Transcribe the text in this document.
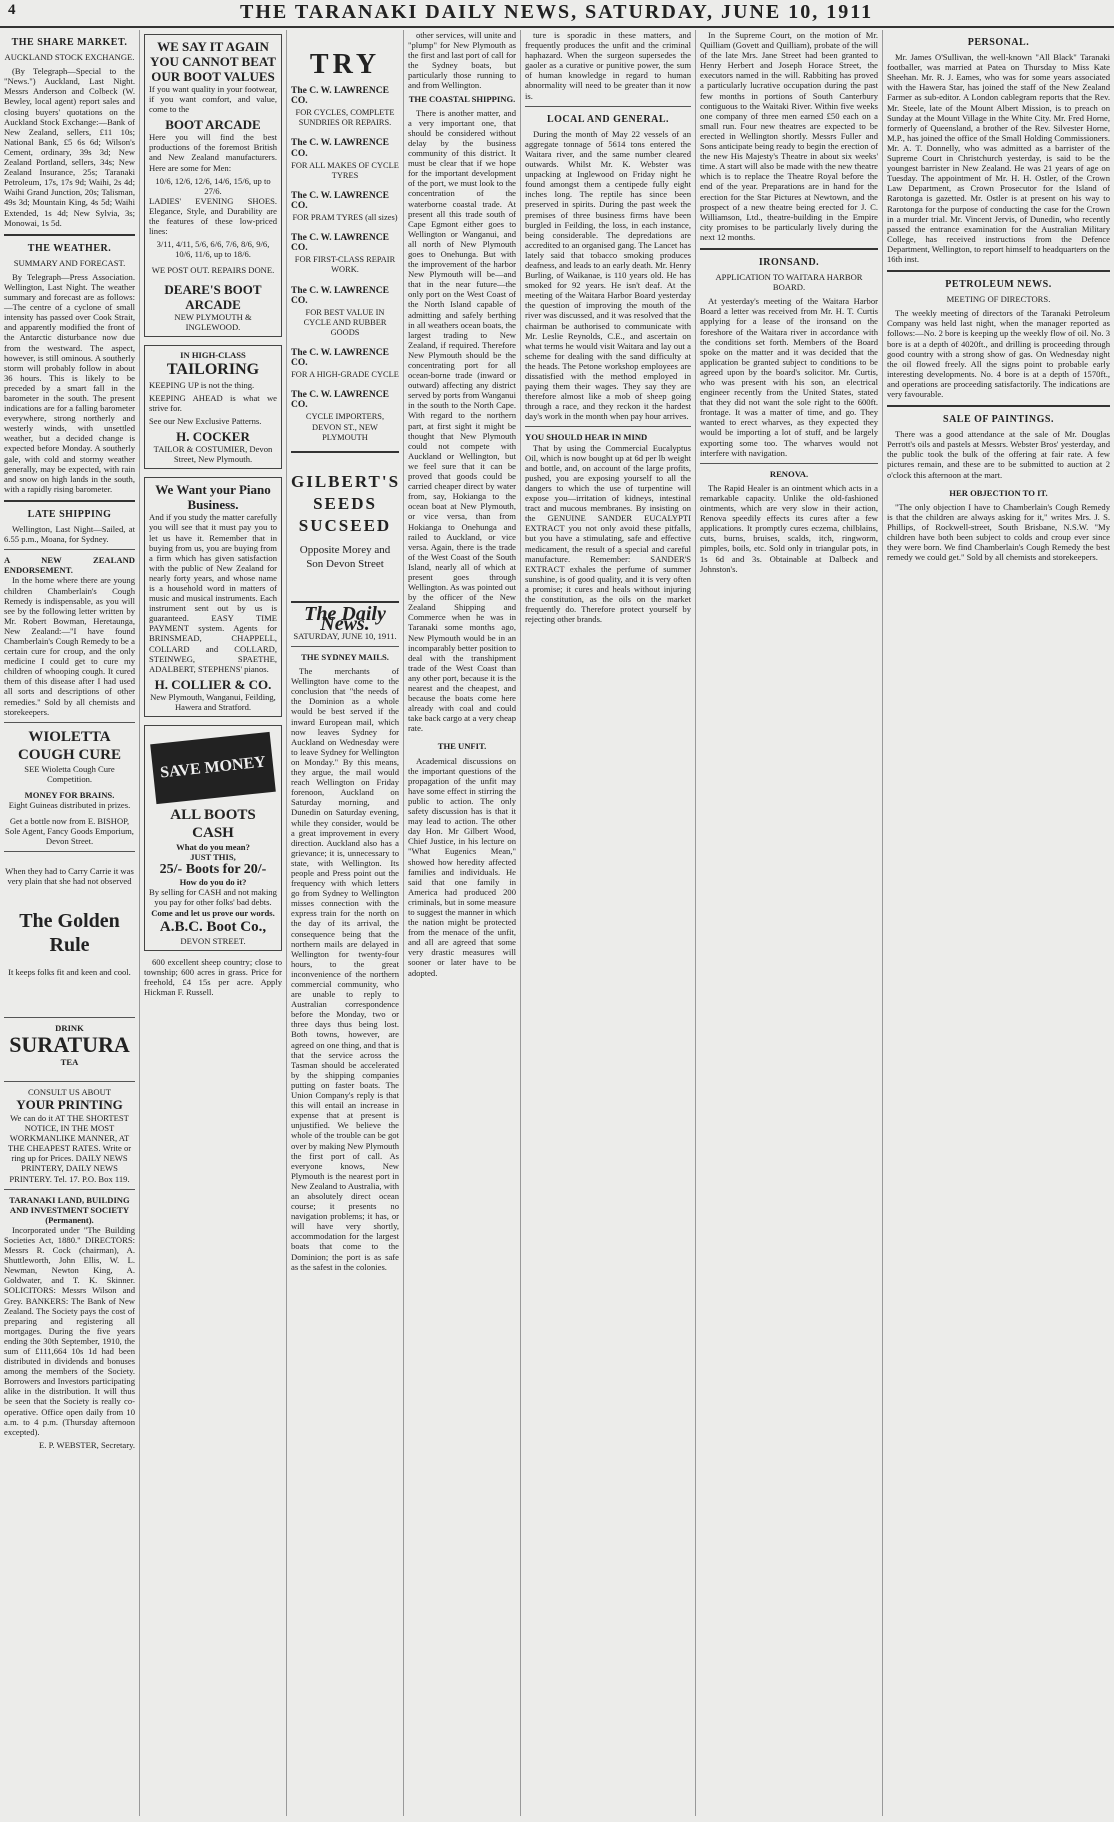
4	THE TARANAKI DAILY NEWS, SATURDAY, JUNE 10, 1911
THE SHARE MARKET.
AUCKLAND STOCK EXCHANGE.

(By Telegraph—Special to the "News.") Auckland, Last Night. Messrs Anderson and Colbeck (W. Bewley, local agent) report sales and closing buyers' quotations on the Auckland Stock Exchange:—Bank of New Zealand, sellers, £11 10s; National Bank, £5 6s 6d; Wilson's Cement, ordinary, 39s 3d; New Zealand Portland, sellers, 34s; New Zealand Insurance, 25s; Taranaki Petroleum, 17s, 17s 9d; Waihi, 2s 4d; Waihi Grand Junction, 20s; Talisman, 49s 3d; Mountain King, 4s 5d; Waihi Extended, 1s 4d; New Sylvia, 3s; Monowai, 1s 5d.

THE WEATHER.
SUMMARY AND FORECAST.

By Telegraph—Press Association. Wellington, Last Night. The weather summary and forecast are as follows:—The centre of a cyclone of small intensity has passed over Cook Strait, and apparently modified the front of the Antarctic disturbance now due from the westward. The aspect, however, is still ominous. A southerly storm will probably follow in about 36 hours. This is likely to be preceded by a smart fall in the barometer in the south. The present indications are for a falling barometer everywhere, strong northerly and westerly winds, with unsettled weather, but a decided change is expected before Monday. A southerly gale, with cold and stormy weather generally, may be expected, with rain and snow on high lands in the south, with a rapidly rising barometer.

LATE SHIPPING

Wellington, Last Night—Sailed, at 6.55 p.m., Moana, for Sydney.

A NEW ZEALAND ENDORSEMENT.

In the home where there are young children Chamberlain's Cough Remedy is indispensable, as you will see by the following letter written by Mr. Robert Bowman, Heretaunga, New Zealand:—"I have found Chamberlain's Cough Remedy to be a certain cure for croup, and the only medicine I could get to cure my children of whooping cough. It cured them of this disease after I had used all sorts and descriptions of other remedies." Sold by all chemists and storekeepers.

WIOLETTA COUGH CURE
SEE Wioletta Cough Cure Competition.
MONEY FOR BRAINS.
Eight Guineas distributed in prizes.
Get a bottle now from E. BISHOP, Sole Agent, Fancy Goods Emporium, Devon Street.
When they had to Carry Carrie it was very plain that she had not observed
The Golden Rule
It keeps folks fit and keen and cool.
DRINK
SURATURA
TEA
CONSULT US ABOUT
YOUR PRINTING
We can do it AT THE SHORTEST NOTICE, IN THE MOST WORKMANLIKE MANNER, AT THE CHEAPEST RATES. Write or ring up for Prices. DAILY NEWS PRINTERY, DAILY NEWS PRINTERY. Tel. 17. P.O. Box 119.
TARANAKI LAND, BUILDING AND INVESTMENT SOCIETY (Permanent).

Incorporated under "The Building Societies Act, 1880." DIRECTORS: Messrs R. Cock (chairman), A. Shuttleworth, John Ellis, W. L. Newman, Newton King, A. Goldwater, and T. K. Skinner. SOLICITORS: Messrs Wilson and Grey. BANKERS: The Bank of New Zealand. The Society pays the cost of preparing and registering all mortgages. During the five years ending the 30th September, 1910, the sum of £111,664 10s 1d had been distributed in dividends and bonuses among the members of the Society. Borrowers and Investors participating alike in the distribution. It will thus be seen that the Society is really co-operative. Office open daily from 10 a.m. to 4 p.m. (Thursday afternoon excepted).

E. P. WEBSTER, Secretary.
WE SAY IT AGAIN YOU CANNOT BEAT OUR BOOT VALUES

If you want quality in your footwear, if you want comfort, and value, come to the

BOOT ARCADE

Here you will find the best productions of the foremost British and New Zealand manufacturers. Here are some for Men:

10/6, 12/6, 12/6, 14/6, 15/6, up to 27/6.

LADIES' EVENING SHOES. Elegance, Style, and Durability are the features of these low-priced lines:

3/11, 4/11, 5/6, 6/6, 7/6, 8/6, 9/6, 10/6, 11/6, up to 18/6.
WE POST OUT. REPAIRS DONE.
DEARE'S BOOT ARCADE
NEW PLYMOUTH & INGLEWOOD.
IN HIGH-CLASS
TAILORING

KEEPING UP is not the thing.

KEEPING AHEAD is what we strive for.

See our New Exclusive Patterns.

H. COCKER
TAILOR & COSTUMIER, Devon Street, New Plymouth.
We Want your Piano Business.

And if you study the matter carefully you will see that it must pay you to let us have it. Remember that in buying from us, you are buying from a firm which has given satisfaction with the public of New Zealand for nearly forty years, and whose name is a household word in matters of music and musical instruments. Each instrument sent out by us is guaranteed. EASY TIME PAYMENT system. Agents for BRINSMEAD, CHAPPELL, COLLARD and COLLARD, STEINWEG, SPAETHE, ADALBERT, STEPHENS' pianos.

H. COLLIER & CO.
New Plymouth, Wanganui, Feilding, Hawera and Stratford.
SAVE MONEY
ALL BOOTS CASH
What do you mean?
JUST THIS,
25/- Boots for 20/-
How do you do it?
By selling for CASH and not making you pay for other folks' bad debts.
Come and let us prove our words.
A.B.C. Boot Co.,
DEVON STREET.

600 excellent sheep country; close to township; 600 acres in grass. Price for freehold, £4 15s per acre. Apply Hickman F. Russell.

TRY
The C. W. LAWRENCE CO.
FOR CYCLES, COMPLETE SUNDRIES OR REPAIRS.
The C. W. LAWRENCE CO.
FOR ALL MAKES OF CYCLE TYRES
The C. W. LAWRENCE CO.
FOR PRAM TYRES (all sizes)
The C. W. LAWRENCE CO.
FOR FIRST-CLASS REPAIR WORK.
The C. W. LAWRENCE CO.
FOR BEST VALUE IN CYCLE AND RUBBER GOODS
The C. W. LAWRENCE CO.
FOR A HIGH-GRADE CYCLE
The C. W. LAWRENCE CO.
CYCLE IMPORTERS, DEVON ST., NEW PLYMOUTH
GILBERT'S SEEDS SUCSEED
Opposite Morey and Son Devon Street
The Daily News.
SATURDAY, JUNE 10, 1911.
THE SYDNEY MAILS.

The merchants of Wellington have come to the conclusion that "the needs of the Dominion as a whole would be best served if the inward European mail, which now leaves Sydney for Auckland on Wednesday were to leave Sydney for Wellington on Monday." By this means, they argue, the mail would reach Wellington on Friday forenoon, Auckland on Saturday morning, and Dunedin on Saturday evening, while they consider, would be a great improvement in every direction. Auckland also has a grievance; it is, unnecessary to state, with Wellington. Its people and Press point out the frequency with which letters go from Sydney to Wellington misses connection with the express train for the north on the day of its arrival, the consequence being that the northern mails are delayed in Wellington for twenty-four hours, to the great inconvenience of the northern commercial community, who are unable to reply to Australian correspondence before the Monday, two or three days thus being lost. Both towns, however, are agreed on one thing, and that is that the service across the Tasman should be accelerated by the shipping companies putting on faster boats. The Union Company's reply is that this will entail an increase in expense that at present is unjustified. We believe the whole of the trouble can be got over by making New Plymouth the first port of call. As everyone knows, New Plymouth is the nearest port in New Zealand to Australia, with an absolutely direct ocean course; it presents no navigation problems; it has, or will have very shortly, accommodation for the largest boats that come to the Dominion; the port is as safe as the safest in the colonies.

other services, will unite and "plump" for New Plymouth as the first and last port of call for the Sydney boats, but particularly those running to and from Wellington.

THE COASTAL SHIPPING.

There is another matter, and a very important one, that should be considered without delay by the business community of this district. It must be clear that if we hope for the important development of the port, we must look to the concentration of the waterborne coastal trade. At present all this trade south of Cape Egmont either goes to Wellington or Wanganui, and all north of New Plymouth goes to Onehunga. But with the improvement of the harbor New Plymouth will be—and that in the near future—the only port on the West Coast of the North Island capable of admitting and safely berthing in all weathers ocean boats, the largest trading to New Zealand, if required. Therefore New Plymouth should be the concentrating port for all ocean-borne trade (inward or outward) affecting any district served by ports from Wanganui in the south to the North Cape. With regard to the northern part, at first sight it might be thought that New Plymouth could not compete with Auckland or Wellington, but we feel sure that it can be proved that goods could be carried cheaper direct by water from, say, Hokianga to the ocean boat at New Plymouth, or vice versa, than from Hokianga to Onehunga and railed to Auckland, or vice versa. Again, there is the trade of the West Coast of the South Island, nearly all of which at present goes through Wellington. As was pointed out by the officer of the New Zealand Shipping and Commerce when he was in Taranaki some months ago, New Plymouth would be in an incomparably better position to deal with the transhipment trade of the West Coast than any other port, because it is the nearest and the cheapest, and because the boats come here already with coal and could take back cargo at a very cheap rate.

THE UNFIT.

Academical discussions on the important questions of the propagation of the unfit may have some effect in stirring the public to action. The only safety discussion has is that it may lead to action. The other day Hon. Mr Gilbert Wood, Chief Justice, in his lecture on "What Eugenics Mean," showed how heredity affected families and individuals. He said that one family in America had produced 200 criminals, but in some measure to suggest the manner in which the nation might be protected from the menace of the unfit, and all are agreed that some very drastic measures will sooner or later have to be adopted.

ture is sporadic in these matters, and frequently produces the unfit and the criminal haphazard. When the surgeon supersedes the gaoler as a curative or punitive power, the sum of human knowledge in regard to human abnormality will need to be greater than it now is.

LOCAL AND GENERAL.

During the month of May 22 vessels of an aggregate tonnage of 5614 tons entered the Waitara river, and the same number cleared outwards. Whilst Mr. K. Webster was unpacking at Inglewood on Friday night he found amongst them a centipede fully eight inches long. The reptile has since been preserved in spirits. During the past week the premises of three business firms have been burgled in Feilding, the loss, in each instance, being considerable. The depredations are accredited to an organised gang. The Lancet has lately said that tobacco smoking produces deafness, and leads to an early death. Mr. Henry Burling, of Waikanae, is 110 years old. He has smoked for 92 years. He isn't deaf. At the meeting of the Waitara Harbor Board yesterday the question of improving the mouth of the river was discussed, and it was resolved that the chairman be authorised to communicate with Mr. Leslie Reynolds, C.E., and ascertain on what terms he would visit Waitara and lay out a scheme for dealing with the sand difficulty at the heads. The Petone workshop employees are dissatisfied with the method employed in paying them their wages. They say they are therefore almost like a mob of sheep going through a race, and they reckon it the hardest day's work in the month when pay hour arrives.

YOU SHOULD HEAR IN MIND

That by using the Commercial Eucalyptus Oil, which is now bought up at 6d per lb weight and bottle, and, on account of the large profits, pushed, you are exposing yourself to all the dangers to which the use of turpentine will expose you—irritation of kidneys, intestinal tract and mucous membranes. By insisting on the GENUINE SANDER EUCALYPTI EXTRACT you not only avoid these pitfalls, but you have a stimulating, safe and effective medicament, the result of a special and careful manufacture. Remember: SANDER'S EXTRACT exhales the perfume of summer sunshine, is of good quality, and it is very often a promise; it cures and heals without injuring the constitution, as the oils on the market frequently do. Therefore protect yourself by rejecting other brands.

In the Supreme Court, on the motion of Mr. Quilliam (Govett and Quilliam), probate of the will of the late Mrs. Jane Street had been granted to Henry Herbert and Joseph Horace Street, the executors named in the will. Rabbiting has proved a particularly lucrative occupation during the past few months in portions of South Canterbury contiguous to the Waitaki River. Within five weeks one company of three men earned £50 each on a small run. Four new theatres are expected to be erected in Wellington shortly. Messrs Fuller and Sons anticipate being ready to begin the erection of the new His Majesty's Theatre in about six weeks' time. A start will also be made with the new theatre which is to replace the Theatre Royal before the end of the year. Preparations are in hand for the erection for the Star Pictures at Newtown, and the prospect of a new theatre being erected for J. C. Williamson, Ltd., theatre-building in the Empire city promises to be particularly lively during the next 12 months.

IRONSAND.
APPLICATION TO WAITARA HARBOR BOARD.

At yesterday's meeting of the Waitara Harbor Board a letter was received from Mr. H. T. Curtis applying for a lease of the ironsand on the foreshore of the Waitara river in accordance with the conditions set forth. Members of the Board spoke on the matter and it was decided that the application be granted subject to conditions to be agreed upon by the board's solicitor. Mr. Curtis, who was present with his son, an electrical engineer recently from the United States, stated that they did not want the sole right to the 600ft. frontage. It was a matter of time, and go. They wanted to erect wharves, as they expected they would be importing a lot of stuff, and be largely exporting some too. The wharves would not interfere with navigation.

RENOVA.

The Rapid Healer is an ointment which acts in a remarkable capacity. Unlike the old-fashioned ointments, which are very slow in their action, Renova speedily effects its cures after a few applications. It promptly cures eczema, chilblains, cuts, burns, bruises, scalds, itch, ringworm, pimples, boils, etc. Sold only in triangular pots, in 1s 6d and 3s. Obtainable at Dalbeck and Johnston's.

PERSONAL.

Mr. James O'Sullivan, the well-known "All Black" Taranaki footballer, was married at Patea on Thursday to Miss Kate Sheehan. Mr. R. J. Eames, who was for some years associated with the Hawera Star, has joined the staff of the New Zealand Farmer as sub-editor. A London cablegram reports that the Rev. Mr. Steele, late of the Mount Albert Mission, is to preach on Sunday at the Mount Village in the White City. Mr. Fred Horne, formerly of Queensland, a brother of the Rev. Silvester Horne, M.P., has joined the office of the Small Holding Commissioners. Mr. A. T. Donnelly, who was admitted as a barrister of the Supreme Court in Christchurch yesterday, is said to be the youngest barrister in New Zealand. He was 21 years of age on Tuesday. The appointment of Mr. H. H. Ostler, of the Crown Law Department, as Crown Prosecutor for the Island of Rarotonga is gazetted. Mr. Ostler is at present on his way to Rarotonga for the purpose of conducting the case for the Crown in a murder trial. Mr. Vincent Jervis, of Dunedin, who recently passed the entrance examination for the Australian Military College, has received instructions from the Defence Department, Wellington, to report himself to headquarters on the 16th inst.

PETROLEUM NEWS.
MEETING OF DIRECTORS.

The weekly meeting of directors of the Taranaki Petroleum Company was held last night, when the manager reported as follows:—No. 2 bore is keeping up the weekly flow of oil. No. 3 bore is at a depth of 4020ft., and drilling is proceeding through good country with a strong show of gas. On Wednesday night the oil flowed freely. All the signs point to probable early interesting developments. No. 4 bore is at a depth of 1570ft., and operations are proceeding satisfactorily. The indications are very favourable.

SALE OF PAINTINGS.

There was a good attendance at the sale of Mr. Douglas Perrott's oils and pastels at Messrs. Webster Bros' yesterday, and the public took the bulk of the offering at fair rate. A few pictures remain, and these are to be submitted to auction at 2 o'clock this afternoon at the mart.

HER OBJECTION TO IT.

"The only objection I have to Chamberlain's Cough Remedy is that the children are always asking for it," writes Mrs. J. S. Phillips, of Rockwell-street, South Brisbane, N.S.W. "My children have both been subject to colds and croup ever since they were born. We find Chamberlain's Cough Remedy the best remedy we could get." Sold by all chemists and storekeepers.
